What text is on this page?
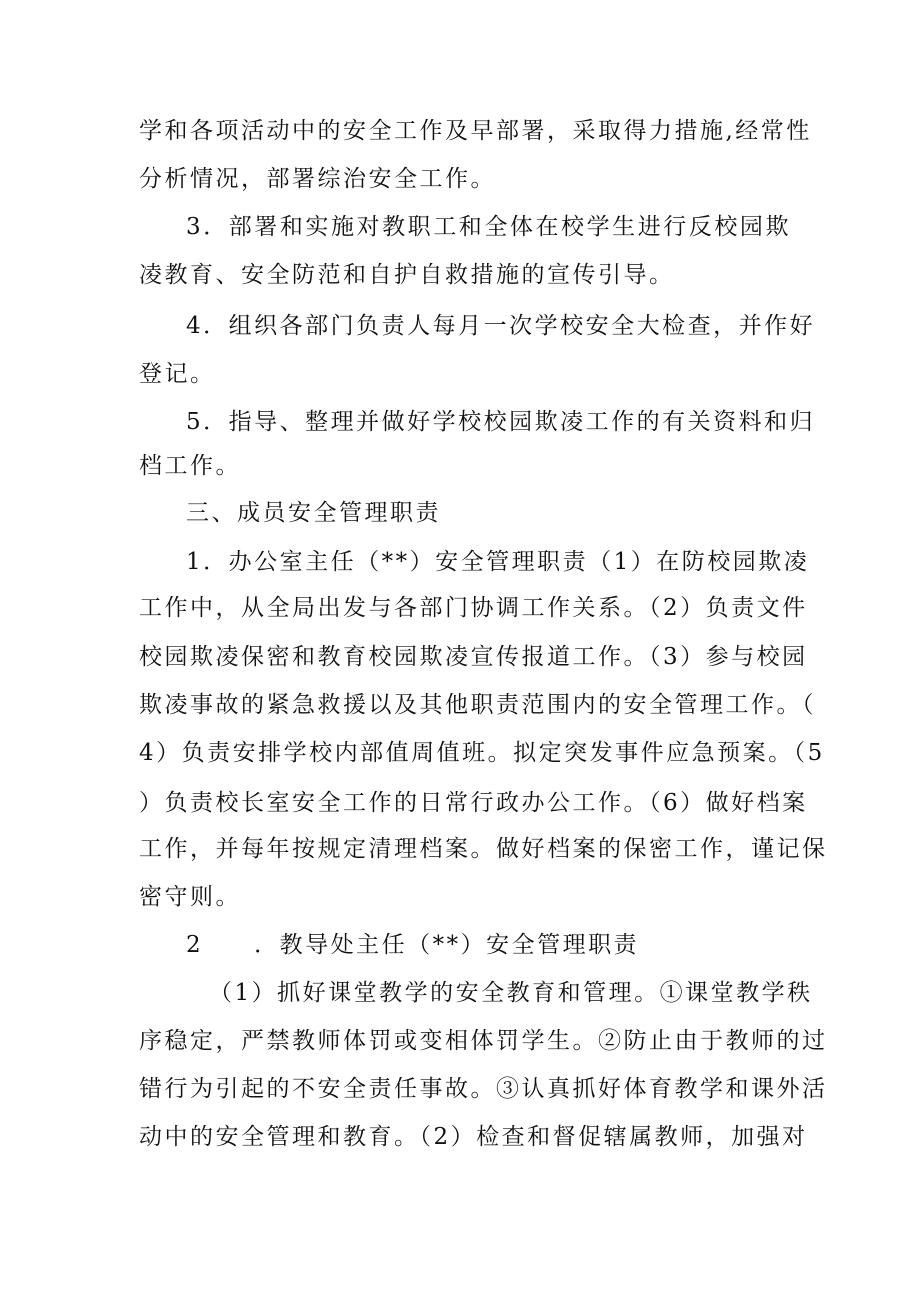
学和各项活动中的安全工作及早部署，采取得力措施,经常性

分析情况，部署综治安全工作。

3．部署和实施对教职工和全体在校学生进行反校园欺

凌教育、安全防范和自护自救措施的宣传引导。

4．组织各部门负责人每月一次学校安全大检查，并作好

登记。

5．指导、整理并做好学校校园欺凌工作的有关资料和归

档工作。

三、成员安全管理职责

1．办公室主任（**）安全管理职责（1）在防校园欺凌

工作中，从全局出发与各部门协调工作关系。（2）负责文件

校园欺凌保密和教育校园欺凌宣传报道工作。（3）参与校园

欺凌事故的紧急救援以及其他职责范围内的安全管理工作。（

4）负责安排学校内部值周值班。拟定突发事件应急预案。（5

）负责校长室安全工作的日常行政办公工作。（6）做好档案

工作，并每年按规定清理档案。做好档案的保密工作，谨记保

密守则。

2　　．教导处主任（**）安全管理职责

（1）抓好课堂教学的安全教育和管理。①课堂教学秩

序稳定，严禁教师体罚或变相体罚学生。②防止由于教师的过

错行为引起的不安全责任事故。③认真抓好体育教学和课外活

动中的安全管理和教育。（2）检查和督促辖属教师，加强对
